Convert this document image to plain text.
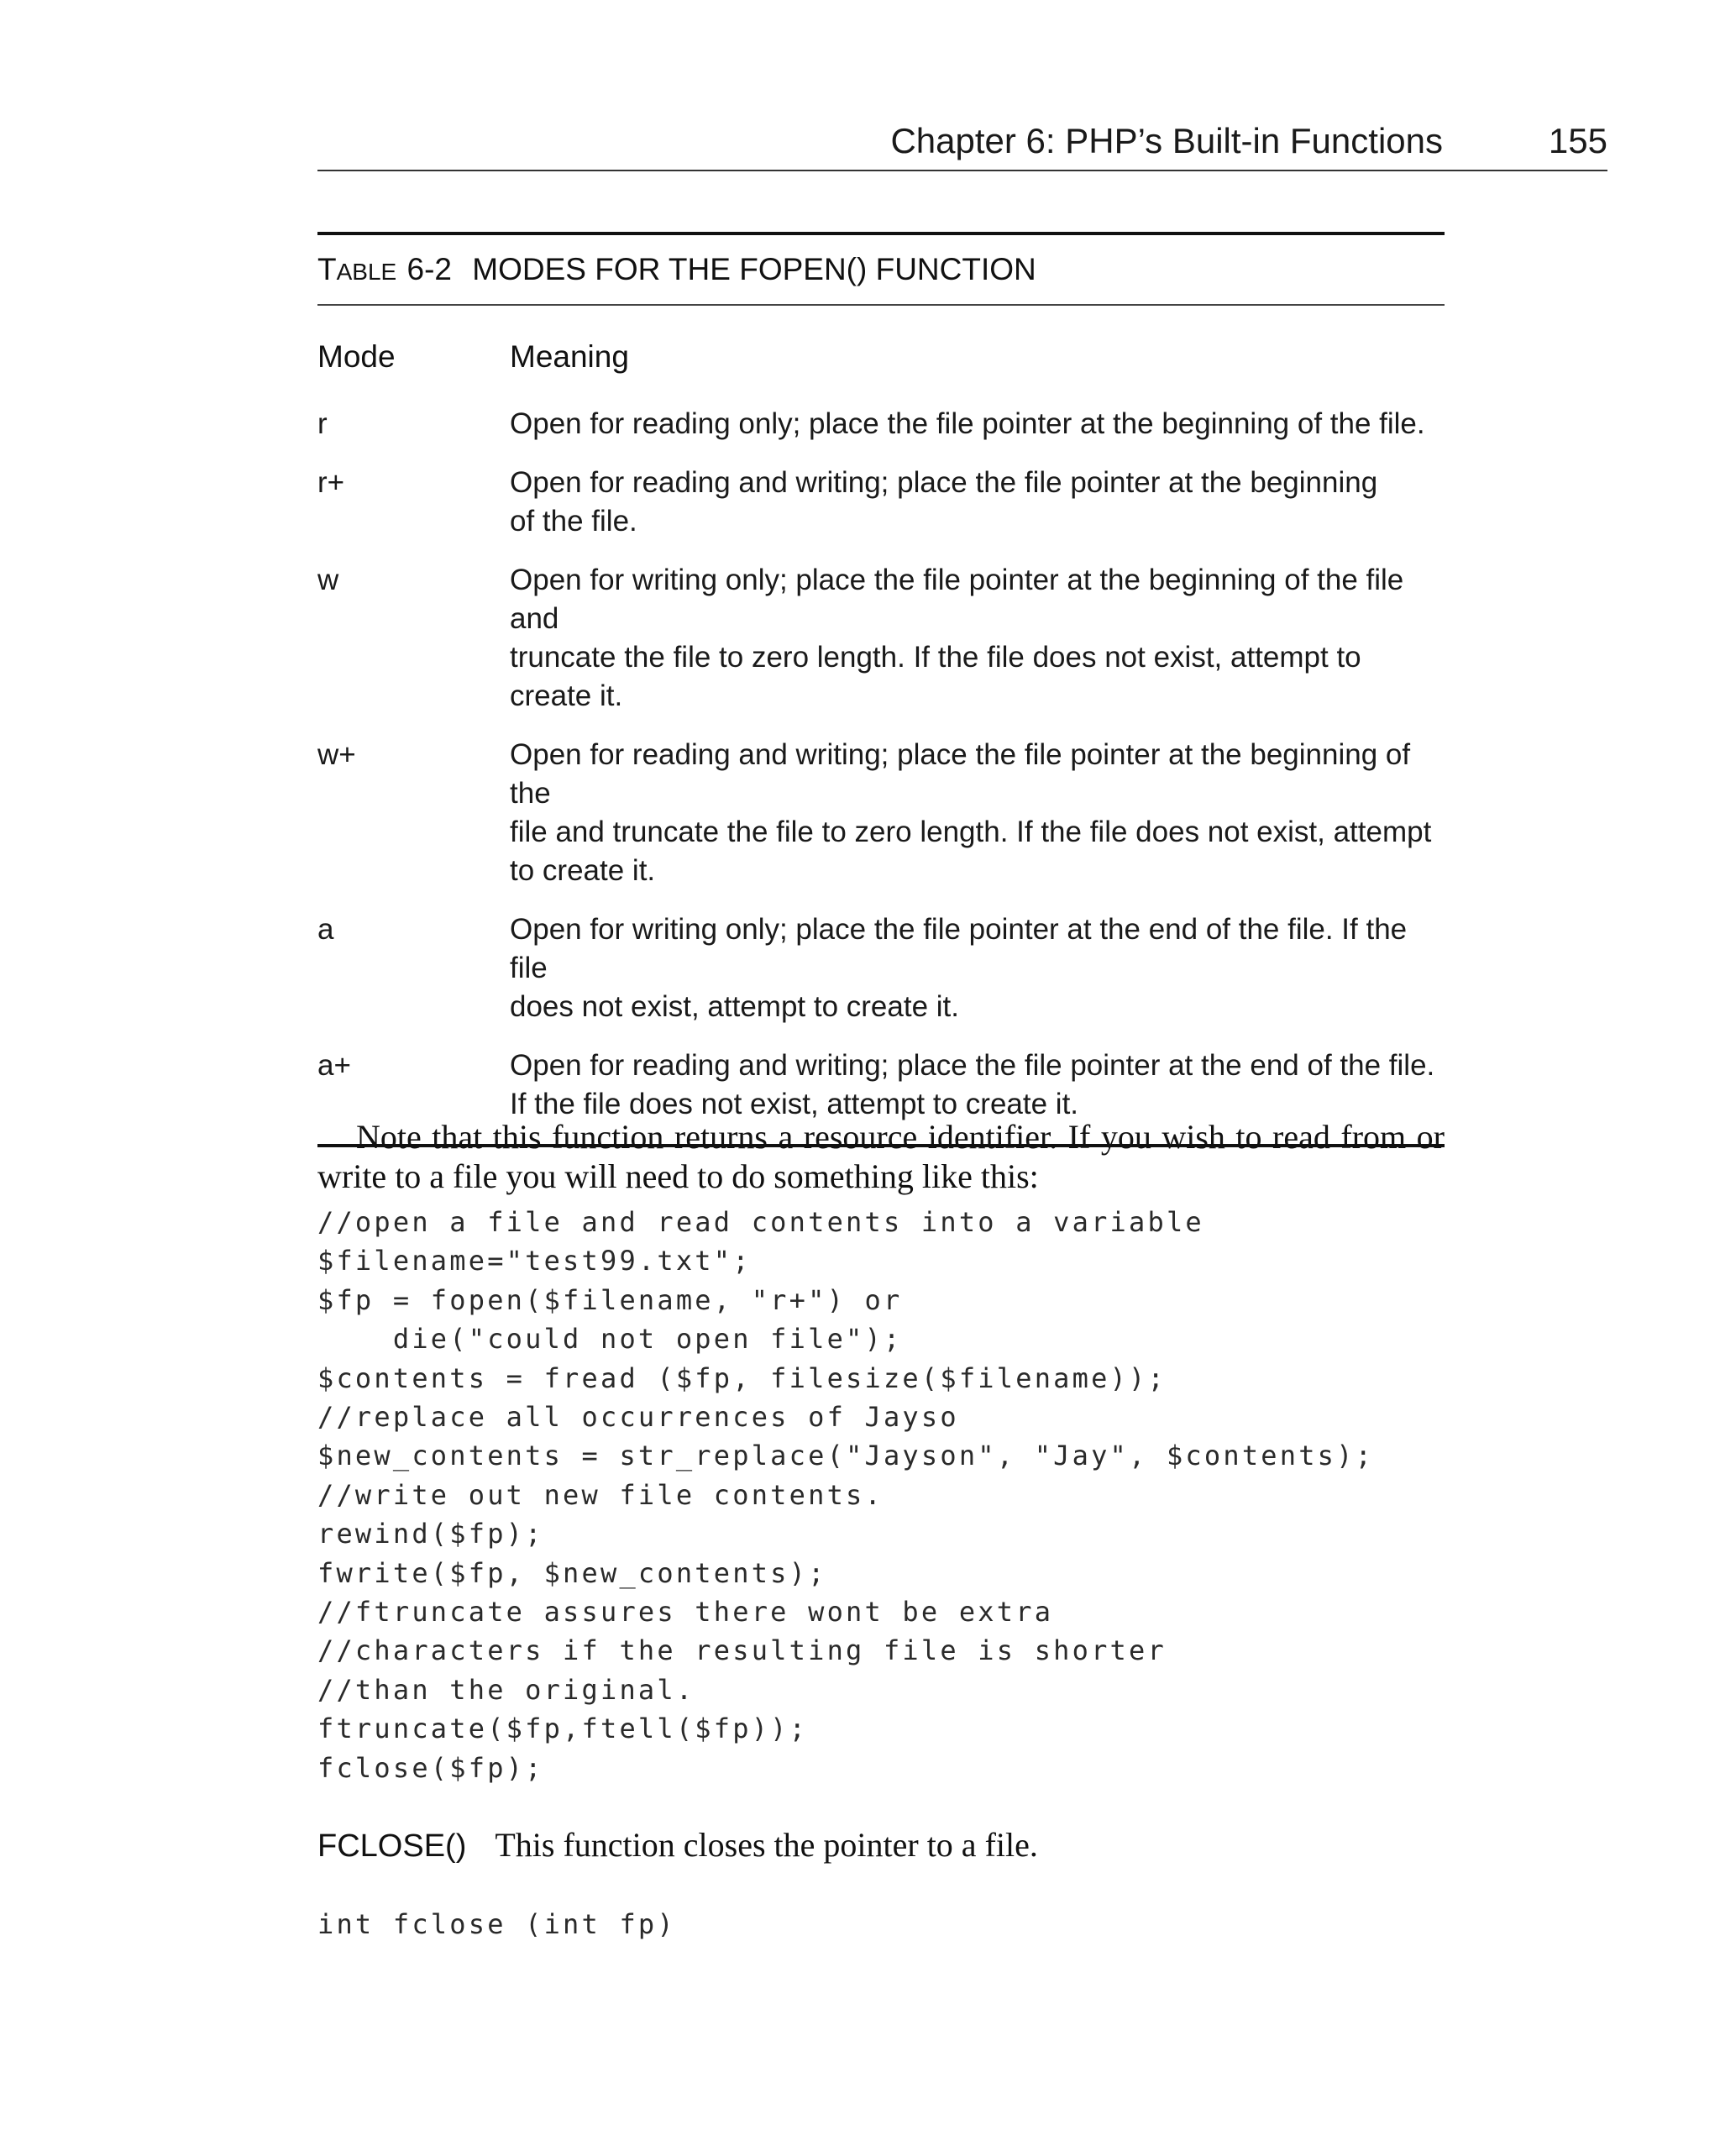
Chapter 6: PHP’s Built-in Functions	155
TABLE 6-2 MODES FOR THE FOPEN() FUNCTION
Mode	Meaning
r	Open for reading only; place the file pointer at the beginning of the file.
r+	Open for reading and writing; place the file pointer at the beginning
of the file.
w	Open for writing only; place the file pointer at the beginning of the file and
truncate the file to zero length. If the file does not exist, attempt to create it.
w+	Open for reading and writing; place the file pointer at the beginning of the
file and truncate the file to zero length. If the file does not exist, attempt
to create it.
a	Open for writing only; place the file pointer at the end of the file. If the file
does not exist, attempt to create it.
a+	Open for reading and writing; place the file pointer at the end of the file.
If the file does not exist, attempt to create it.

Note that this function returns a resource identifier. If you wish to read from or write to a file you will need to do something like this:

//open a file and read contents into a variable
$filename="test99.txt";
$fp = fopen($filename, "r+") or
die("could not open file");
$contents = fread ($fp, filesize($filename));
//replace all occurrences of Jayso
$new_contents = str_replace("Jayson", "Jay", $contents);
//write out new file contents.
rewind($fp);
fwrite($fp, $new_contents);
//ftruncate assures there wont be extra
//characters if the resulting file is shorter
//than the original.
ftruncate($fp,ftell($fp));
fclose($fp);
FCLOSE() This function closes the pointer to a file.
int fclose (int fp)
